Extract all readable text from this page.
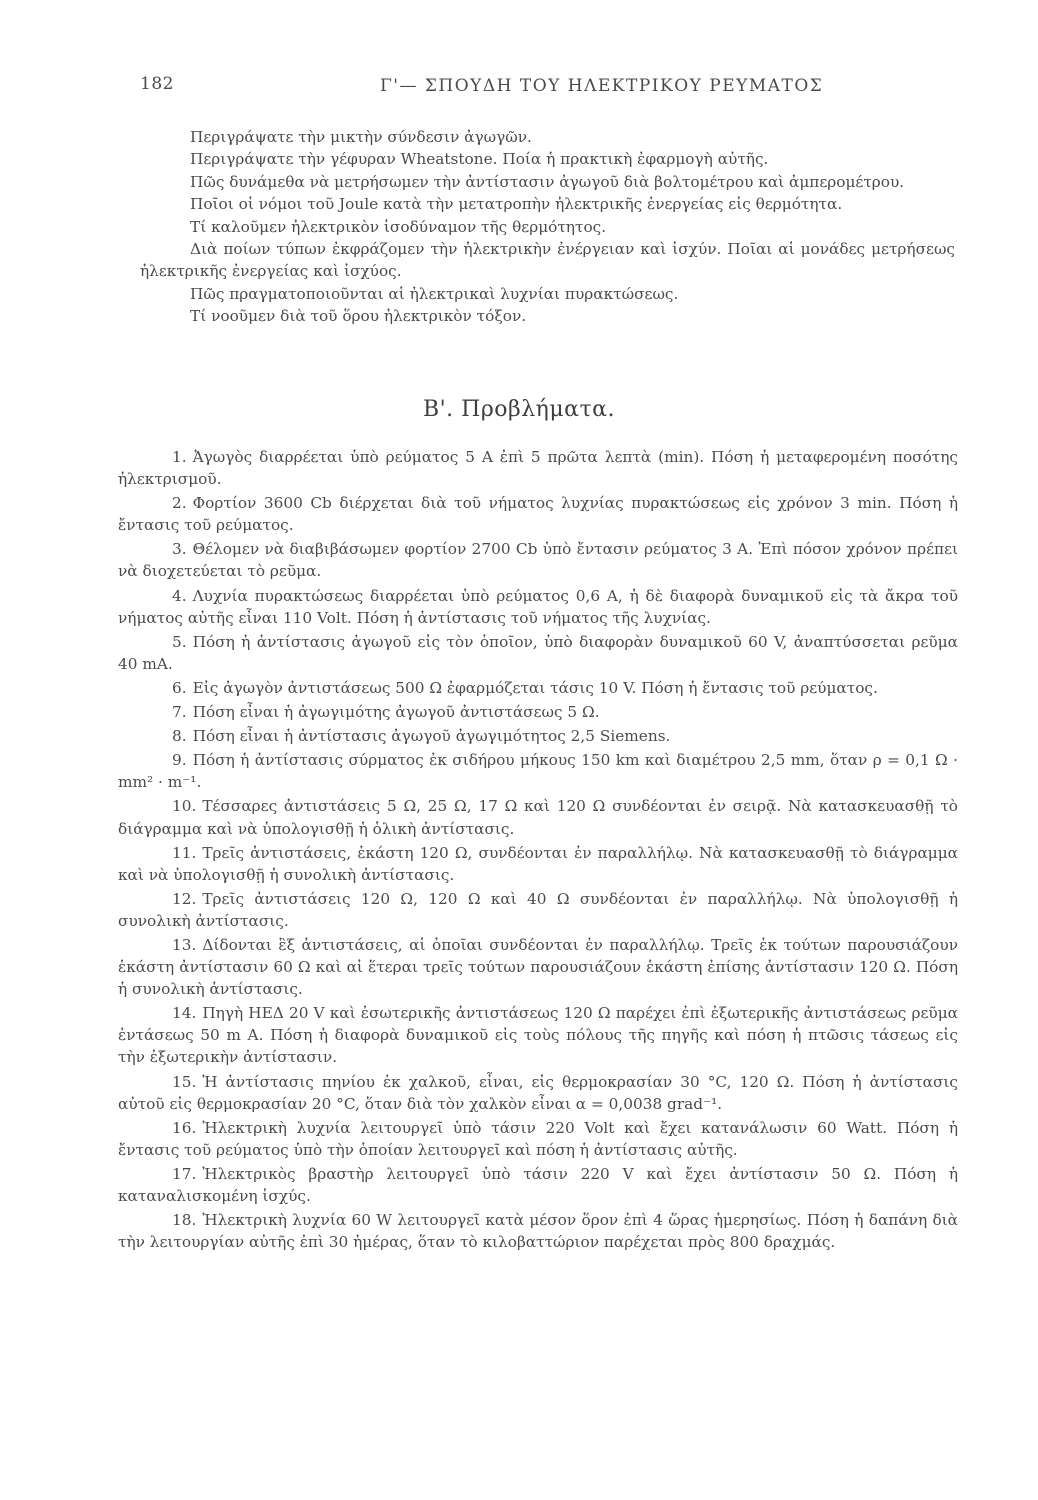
182	Γ'— ΣΠΟΥΔΗ ΤΟΥ ΗΛΕΚΤΡΙΚΟΥ ΡΕΥΜΑΤΟΣ
Περιγράψατε τὴν μικτὴν σύνδεσιν ἀγωγῶν.
Περιγράψατε τὴν γέφυραν Wheatstone. Ποία ἡ πρακτικὴ ἐφαρμογὴ αὐτῆς.
Πῶς δυνάμεθα νὰ μετρήσωμεν τὴν ἀντίστασιν ἀγωγοῦ διὰ βολτομέτρου καὶ ἀμπερομέτρου.
Ποῖοι οἱ νόμοι τοῦ Joule κατὰ τὴν μετατροπὴν ἠλεκτρικῆς ἐνεργείας εἰς θερμότητα.
Τί καλοῦμεν ἠλεκτρικὸν ἰσοδύναμον τῆς θερμότητος.
Διὰ ποίων τύπων ἐκφράζομεν τὴν ἠλεκτρικὴν ἐνέργειαν καὶ ἰσχύν. Ποῖαι αἱ μονάδες μετρήσεως ἠλεκτρικῆς ἐνεργείας καὶ ἰσχύος.
Πῶς πραγματοποιοῦνται αἱ ἠλεκτρικαὶ λυχνίαι πυρακτώσεως.
Τί νοοῦμεν διὰ τοῦ ὅρου ἠλεκτρικὸν τόξον.
Β'. Προβλήματα.
1. Ἀγωγὸς διαρρέεται ὑπὸ ρεύματος 5 A ἐπὶ 5 πρῶτα λεπτὰ (min). Πόση ἡ μεταφερομένη ποσότης ἠλεκτρισμοῦ.
2. Φορτίον 3600 Cb διέρχεται διὰ τοῦ νήματος λυχνίας πυρακτώσεως εἰς χρόνον 3 min. Πόση ἡ ἔντασις τοῦ ρεύματος.
3. Θέλομεν νὰ διαβιβάσωμεν φορτίον 2700 Cb ὑπὸ ἔντασιν ρεύματος 3 A. Ἐπὶ πόσον χρόνον πρέπει νὰ διοχετεύεται τὸ ρεῦμα.
4. Λυχνία πυρακτώσεως διαρρέεται ὑπὸ ρεύματος 0,6 A, ἡ δὲ διαφορὰ δυναμικοῦ εἰς τὰ ἄκρα τοῦ νήματος αὐτῆς εἶναι 110 Volt. Πόση ἡ ἀντίστασις τοῦ νήματος τῆς λυχνίας.
5. Πόση ἡ ἀντίστασις ἀγωγοῦ εἰς τὸν ὁποῖον, ὑπὸ διαφορὰν δυναμικοῦ 60 V, ἀναπτύσσεται ρεῦμα 40 mA.
6. Εἰς ἀγωγὸν ἀντιστάσεως 500 Ω ἐφαρμόζεται τάσις 10 V. Πόση ἡ ἔντασις τοῦ ρεύματος.
7. Πόση εἶναι ἡ ἀγωγιμότης ἀγωγοῦ ἀντιστάσεως 5 Ω.
8. Πόση εἶναι ἡ ἀντίστασις ἀγωγοῦ ἀγωγιμότητος 2,5 Siemens.
9. Πόση ἡ ἀντίστασις σύρματος ἐκ σιδήρου μήκους 150 km καὶ διαμέτρου 2,5 mm, ὅταν ρ = 0,1 Ω · mm² · m⁻¹.
10. Τέσσαρες ἀντιστάσεις 5 Ω, 25 Ω, 17 Ω καὶ 120 Ω συνδέονται ἐν σειρᾷ. Νὰ κατασκευασθῇ τὸ διάγραμμα καὶ νὰ ὑπολογισθῇ ἡ ὁλικὴ ἀντίστασις.
11. Τρεῖς ἀντιστάσεις, ἑκάστη 120 Ω, συνδέονται ἐν παραλλήλῳ. Νὰ κατασκευασθῇ τὸ διάγραμμα καὶ νὰ ὑπολογισθῇ ἡ συνολικὴ ἀντίστασις.
12. Τρεῖς ἀντιστάσεις 120 Ω, 120 Ω καὶ 40 Ω συνδέονται ἐν παραλλήλῳ. Νὰ ὑπολογισθῇ ἡ συνολικὴ ἀντίστασις.
13. Δίδονται ἓξ ἀντιστάσεις, αἱ ὁποῖαι συνδέονται ἐν παραλλήλῳ. Τρεῖς ἐκ τούτων παρουσιάζουν ἑκάστη ἀντίστασιν 60 Ω καὶ αἱ ἕτεραι τρεῖς τούτων παρουσιάζουν ἑκάστη ἐπίσης ἀντίστασιν 120 Ω. Πόση ἡ συνολικὴ ἀντίστασις.
14. Πηγὴ ΗΕΔ 20 V καὶ ἐσωτερικῆς ἀντιστάσεως 120 Ω παρέχει ἐπὶ ἐξωτερικῆς ἀντιστάσεως ρεῦμα ἐντάσεως 50 m A. Πόση ἡ διαφορὰ δυναμικοῦ εἰς τοὺς πόλους τῆς πηγῆς καὶ πόση ἡ πτῶσις τάσεως εἰς τὴν ἐξωτερικὴν ἀντίστασιν.
15. Ἡ ἀντίστασις πηνίου ἐκ χαλκοῦ, εἶναι, εἰς θερμοκρασίαν 30 °C, 120 Ω. Πόση ἡ ἀντίστασις αὐτοῦ εἰς θερμοκρασίαν 20 °C, ὅταν διὰ τὸν χαλκὸν εἶναι α = 0,0038 grad⁻¹.
16. Ἠλεκτρικὴ λυχνία λειτουργεῖ ὑπὸ τάσιν 220 Volt καὶ ἔχει κατανάλωσιν 60 Watt. Πόση ἡ ἔντασις τοῦ ρεύματος ὑπὸ τὴν ὁποίαν λειτουργεῖ καὶ πόση ἡ ἀντίστασις αὐτῆς.
17. Ἠλεκτρικὸς βραστὴρ λειτουργεῖ ὑπὸ τάσιν 220 V καὶ ἔχει ἀντίστασιν 50 Ω. Πόση ἡ καταναλισκομένη ἰσχύς.
18. Ἠλεκτρικὴ λυχνία 60 W λειτουργεῖ κατὰ μέσον ὅρον ἐπὶ 4 ὥρας ἡμερησίως. Πόση ἡ δαπάνη διὰ τὴν λειτουργίαν αὐτῆς ἐπὶ 30 ἡμέρας, ὅταν τὸ κιλοβαττώριον παρέχεται πρὸς 800 δραχμάς.
